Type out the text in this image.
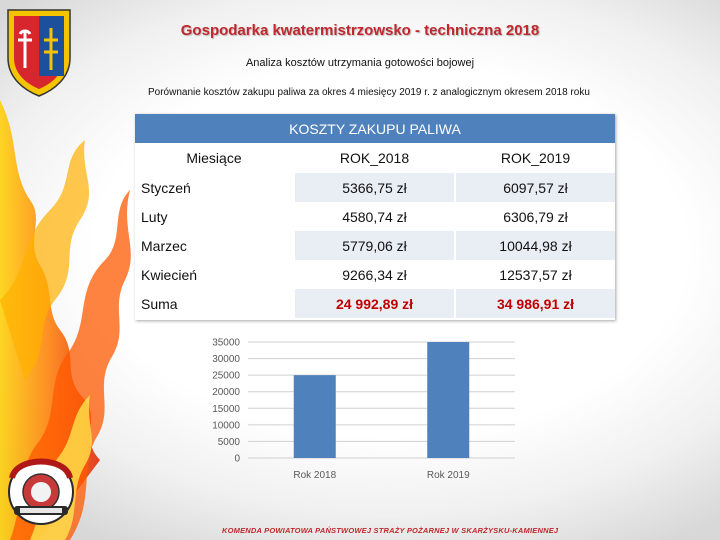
Gospodarka kwatermistrzowsko - techniczna 2018
Analiza kosztów utrzymania gotowości bojowej
Porównanie kosztów zakupu paliwa za okres 4 miesięcy 2019 r. z analogicznym okresem 2018 roku
KOSZTY ZAKUPU PALIWA
Miesiące	ROK_2018	ROK_2019
Styczeń	5366,75 zł	6097,57 zł
Luty	4580,74 zł	6306,79 zł
Marzec	5779,06 zł	10044,98 zł
Kwiecień	9266,34 zł	12537,57 zł
Suma	24 992,89 zł	34 986,91 zł
35000
30000
25000
20000
15000
10000
5000
0
Rok 2018	Rok 2019
KOMENDA POWIATOWA PAŃSTWOWEJ STRAŻY POŻARNEJ W SKARŻYSKU-KAMIENNEJ
